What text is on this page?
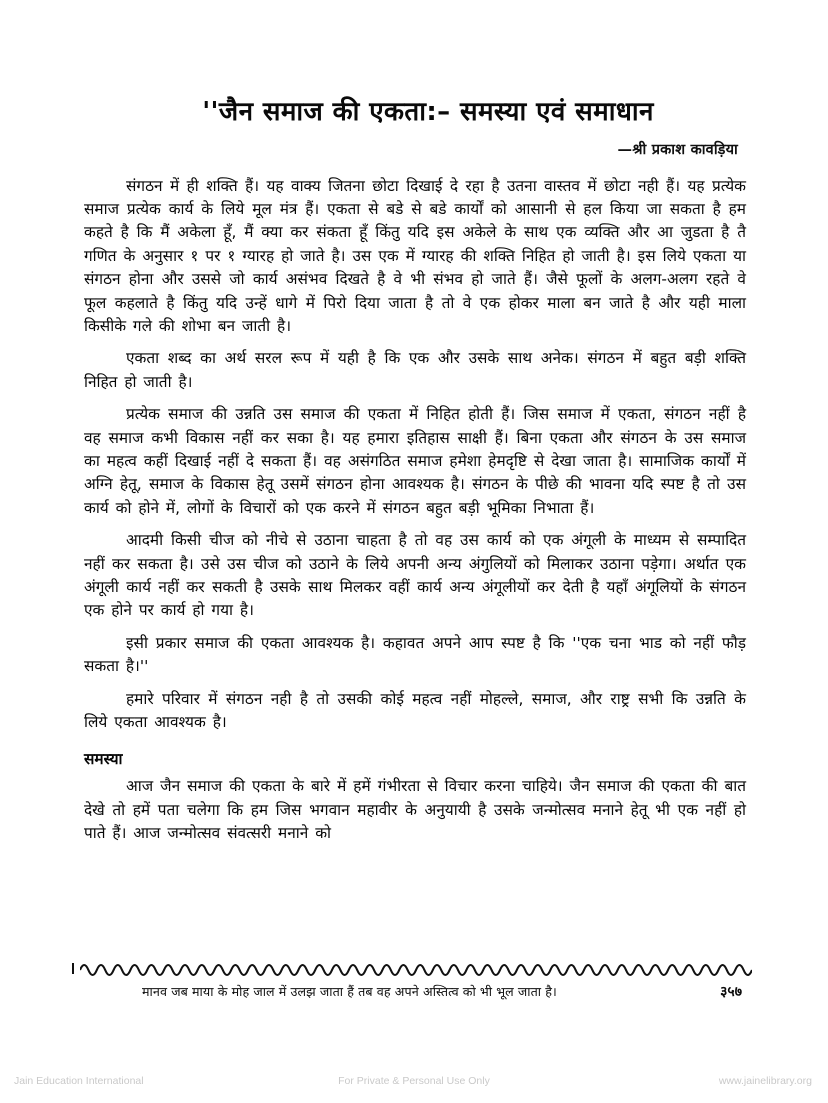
''जैन समाज की एकता:– समस्या एवं समाधान
—श्री प्रकाश कावड़िया

संगठन में ही शक्ति हैं। यह वाक्य जितना छोटा दिखाई दे रहा है उतना वास्तव में छोटा नही हैं। यह प्रत्येक समाज प्रत्येक कार्य के लिये मूल मंत्र हैं। एकता से बडे से बडे कार्यों को आसानी से हल किया जा सकता है हम कहते है कि मैं अकेला हूँ, मैं क्या कर संकता हूँ किंतु यदि इस अकेले के साथ एक व्यक्ति और आ जुडता है तै गणित के अनुसार १ पर १ ग्यारह हो जाते है। उस एक में ग्यारह की शक्ति निहित हो जाती है। इस लिये एकता या संगठन होना और उससे जो कार्य असंभव दिखते है वे भी संभव हो जाते हैं। जैसे फूलों के अलग-अलग रहते वे फूल कहलाते है किंतु यदि उन्हें धागे में पिरो दिया जाता है तो वे एक होकर माला बन जाते है और यही माला किसीके गले की शोभा बन जाती है।

एकता शब्द का अर्थ सरल रूप में यही है कि एक और उसके साथ अनेक। संगठन में बहुत बड़ी शक्ति निहित हो जाती है।

प्रत्येक समाज की उन्नति उस समाज की एकता में निहित होती हैं। जिस समाज में एकता, संगठन नहीं है वह समाज कभी विकास नहीं कर सका है। यह हमारा इतिहास साक्षी हैं। बिना एकता और संगठन के उस समाज का महत्व कहीं दिखाई नहीं दे सकता हैं। वह असंगठित समाज हमेशा हेमदृष्टि से देखा जाता है। सामाजिक कार्यों में अग्नि हेतू, समाज के विकास हेतू उसमें संगठन होना आवश्यक है। संगठन के पीछे की भावना यदि स्पष्ट है तो उस कार्य को होने में, लोगों के विचारों को एक करने में संगठन बहुत बड़ी भूमिका निभाता हैं।

आदमी किसी चीज को नीचे से उठाना चाहता है तो वह उस कार्य को एक अंगूली के माध्यम से सम्पादित नहीं कर सकता है। उसे उस चीज को उठाने के लिये अपनी अन्य अंगुलियों को मिलाकर उठाना पड़ेगा। अर्थात एक अंगूली कार्य नहीं कर सकती है उसके साथ मिलकर वहीं कार्य अन्य अंगूलीयों कर देती है यहाँ अंगूलियों के संगठन एक होने पर कार्य हो गया है।

इसी प्रकार समाज की एकता आवश्यक है। कहावत अपने आप स्पष्ट है कि ''एक चना भाड को नहीं फौड़ सकता है।''

हमारे परिवार में संगठन नही है तो उसकी कोई महत्व नहीं मोहल्ले, समाज, और राष्ट्र सभी कि उन्नति के लिये एकता आवश्यक है।

समस्या

आज जैन समाज की एकता के बारे में हमें गंभीरता से विचार करना चाहिये। जैन समाज की एकता की बात देखे तो हमें पता चलेगा कि हम जिस भगवान महावीर के अनुयायी है उसके जन्मोत्सव मनाने हेतू भी एक नहीं हो पाते हैं। आज जन्मोत्सव संवत्सरी मनाने को

मानव जब माया के मोह जाल में उलझ जाता हैं तब वह अपने अस्तित्व को भी भूल जाता है।	३५७
Jain Education International	For Private & Personal Use Only	www.jainelibrary.org
